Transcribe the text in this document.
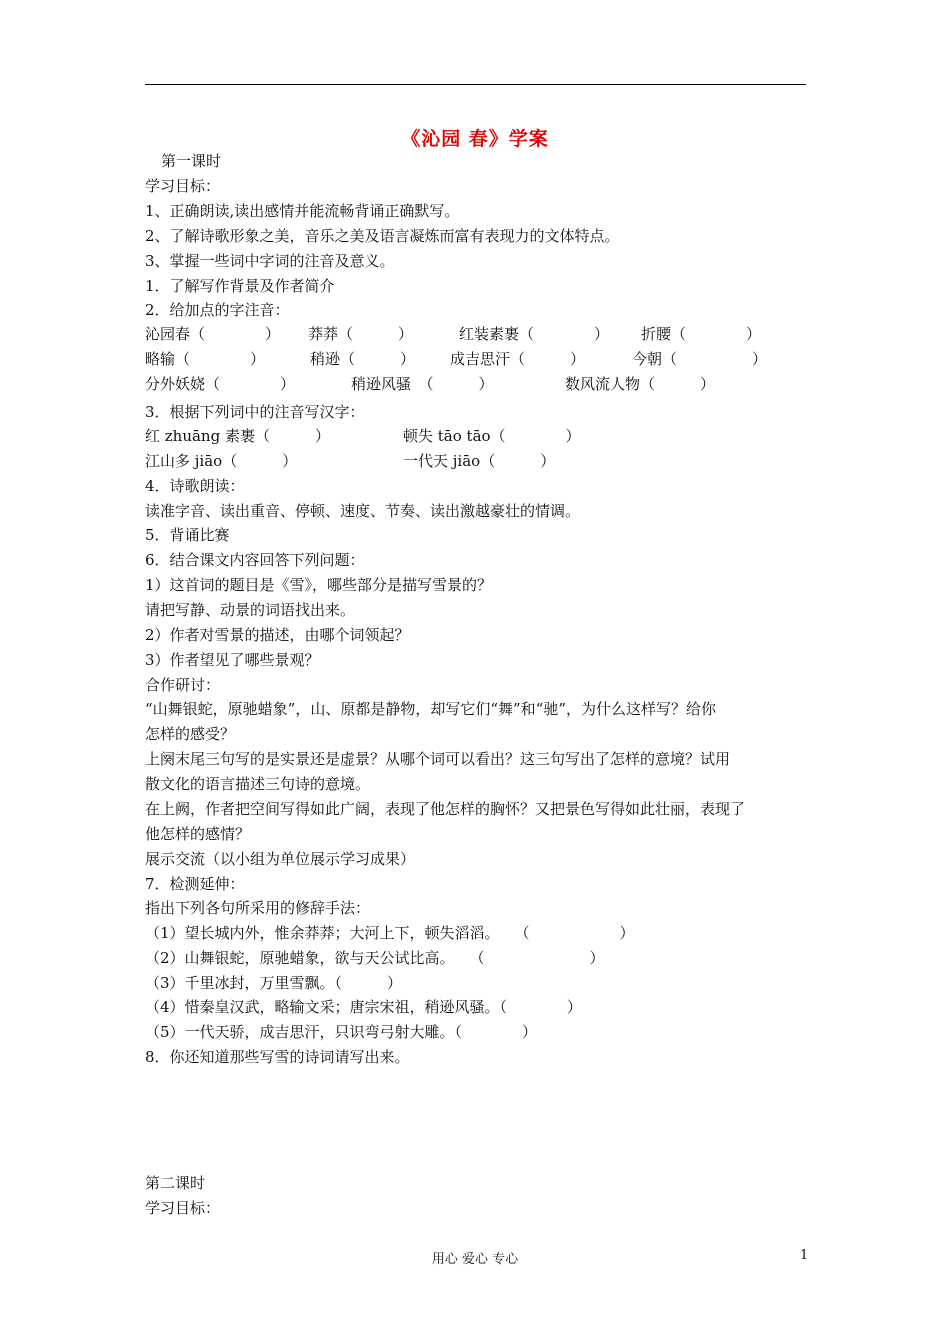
《沁园 春》学案
第一课时
学习目标：
1、正确朗读,读出感情并能流畅背诵正确默写。
2、了解诗歌形象之美，音乐之美及语言凝炼而富有表现力的文体特点。
3、掌握一些词中字词的注音及意义。
1．了解写作背景及作者简介
2．给加点的字注音：
沁园春（　　　　） 莽莽（　　　）	红装素裹（　　　　） 折腰（　　　　）
略输（　　　　）	稍逊（　　　） 成吉思汗（　　　）	今朝（　　　　　）
分外妖娆（　　　　）	稍逊风骚　（　　　）	数风流人物（　　　）
3．根据下列词中的注音写汉字：
红 zhuāng 素裹（　　　）	顿失 tāo tāo（　　　　）
江山多 jiāo（　　　）	一代天 jiāo（　　　）
4．诗歌朗读：
读准字音、读出重音、停顿、速度、节奏、读出激越豪壮的情调。
5．背诵比赛
6．结合课文内容回答下列问题：
1）这首词的题目是《雪》，哪些部分是描写雪景的？
请把写静、动景的词语找出来。
2）作者对雪景的描述，由哪个词领起？
3）作者望见了哪些景观？
合作研讨：
“山舞银蛇，原驰蜡象”，山、原都是静物，却写它们“舞”和“驰”，为什么这样写？给你
怎样的感受？
上阕末尾三句写的是实景还是虚景？从哪个词可以看出？这三句写出了怎样的意境？试用
散文化的语言描述三句诗的意境。
在上阙，作者把空间写得如此广阔，表现了他怎样的胸怀？又把景色写得如此壮丽，表现了
他怎样的感情？
展示交流（以小组为单位展示学习成果）
7．检测延伸：
指出下列各句所采用的修辞手法：
（1）望长城内外，惟余莽莽；大河上下，顿失滔滔。　　（　　　　　　）
（2）山舞银蛇，原驰蜡象，欲与天公试比高。　　（　　　　　　　）
（3）千里冰封，万里雪飘。（　　　）
（4）惜秦皇汉武，略输文采；唐宗宋祖，稍逊风骚。（　　　　）
（5）一代天骄，成吉思汗，只识弯弓射大雕。（　　　　）
8．你还知道那些写雪的诗词请写出来。
第二课时
学习目标：
用心 爱心 专心	1
